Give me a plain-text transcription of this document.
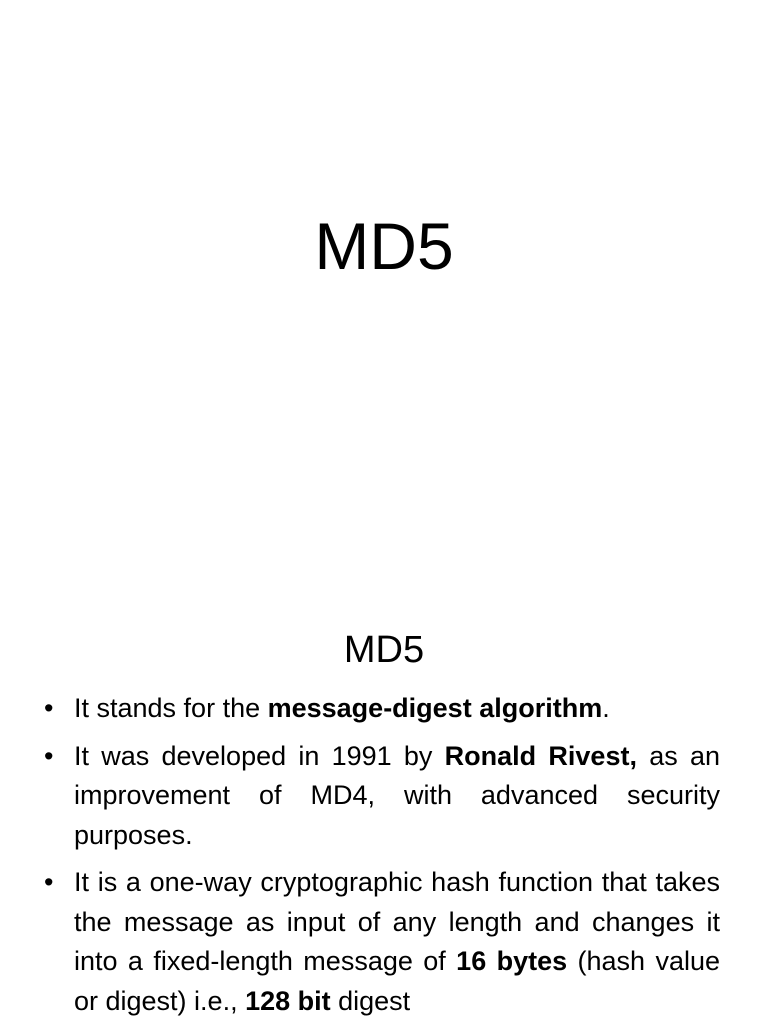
MD5
MD5
• It stands for the message-digest algorithm.
• It was developed in 1991 by Ronald Rivest, as an improvement of MD4, with advanced security purposes.
• It is a one-way cryptographic hash function that takes the message as input of any length and changes it into a fixed-length message of 16 bytes (hash value or digest) i.e., 128 bit digest
